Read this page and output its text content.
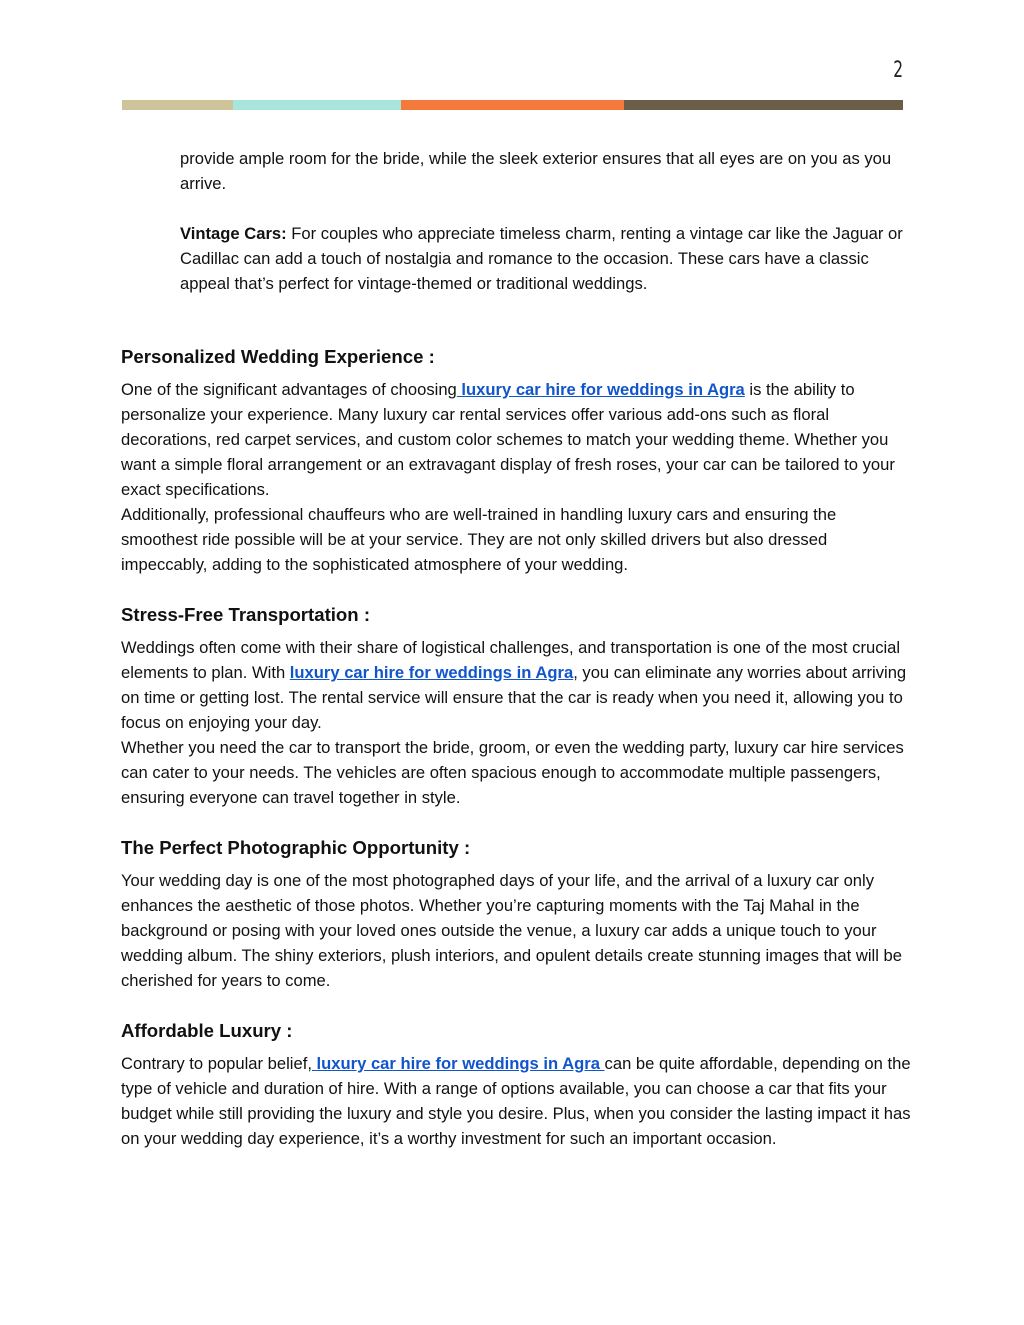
2

provide ample room for the bride, while the sleek exterior ensures that all eyes are on you as you arrive.

Vintage Cars: For couples who appreciate timeless charm, renting a vintage car like the Jaguar or Cadillac can add a touch of nostalgia and romance to the occasion. These cars have a classic appeal that’s perfect for vintage-themed or traditional weddings.

Personalized Wedding Experience :

One of the significant advantages of choosing luxury car hire for weddings in Agra is the ability to personalize your experience. Many luxury car rental services offer various add-ons such as floral decorations, red carpet services, and custom color schemes to match your wedding theme. Whether you want a simple floral arrangement or an extravagant display of fresh roses, your car can be tailored to your exact specifications.

Additionally, professional chauffeurs who are well-trained in handling luxury cars and ensuring the smoothest ride possible will be at your service. They are not only skilled drivers but also dressed impeccably, adding to the sophisticated atmosphere of your wedding.

Stress-Free Transportation :

Weddings often come with their share of logistical challenges, and transportation is one of the most crucial elements to plan. With luxury car hire for weddings in Agra, you can eliminate any worries about arriving on time or getting lost. The rental service will ensure that the car is ready when you need it, allowing you to focus on enjoying your day.

Whether you need the car to transport the bride, groom, or even the wedding party, luxury car hire services can cater to your needs. The vehicles are often spacious enough to accommodate multiple passengers, ensuring everyone can travel together in style.

The Perfect Photographic Opportunity :

Your wedding day is one of the most photographed days of your life, and the arrival of a luxury car only enhances the aesthetic of those photos. Whether you’re capturing moments with the Taj Mahal in the background or posing with your loved ones outside the venue, a luxury car adds a unique touch to your wedding album. The shiny exteriors, plush interiors, and opulent details create stunning images that will be cherished for years to come.

Affordable Luxury :

Contrary to popular belief, luxury car hire for weddings in Agra can be quite affordable, depending on the type of vehicle and duration of hire. With a range of options available, you can choose a car that fits your budget while still providing the luxury and style you desire. Plus, when you consider the lasting impact it has on your wedding day experience, it’s a worthy investment for such an important occasion.
